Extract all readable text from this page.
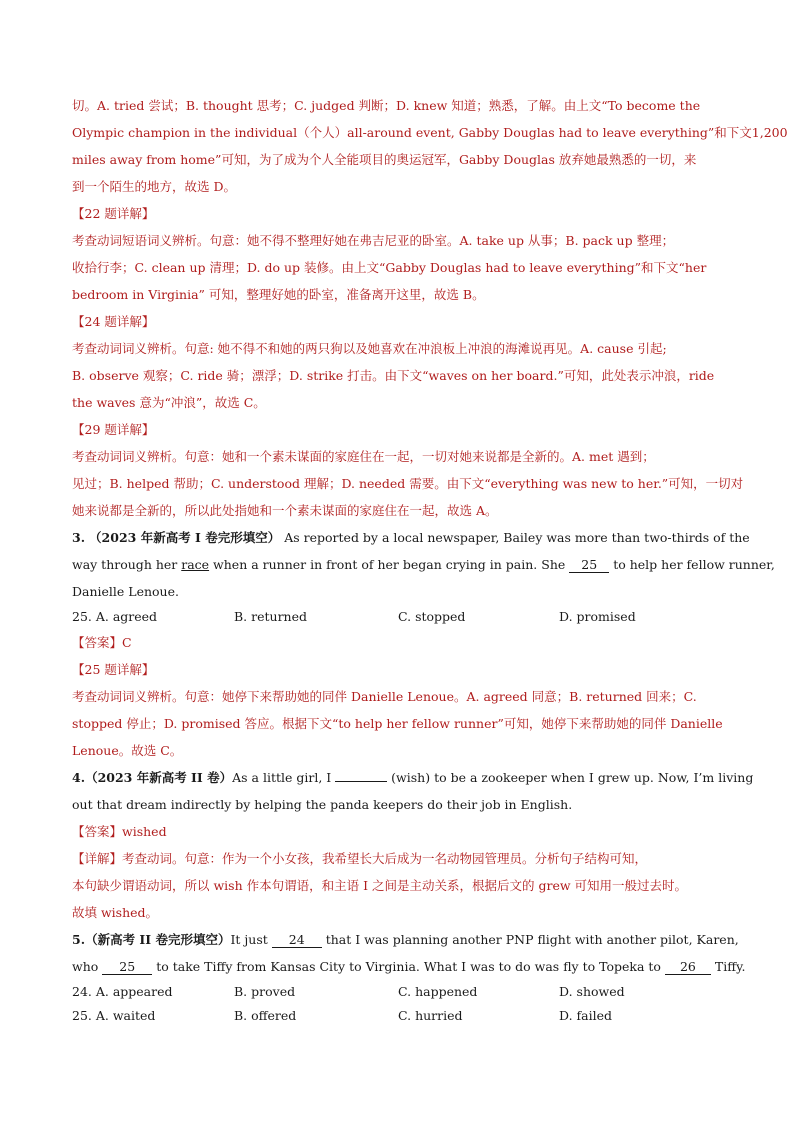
切。A. tried 尝试；B. thought 思考；C. judged 判断；D. knew 知道；熟悉，了解。由上文“To become the
Olympic champion in the individual（个人）all-around event, Gabby Douglas had to leave everything”和下文1,200
miles away from home”可知，为了成为个人全能项目的奥运冠军，Gabby Douglas 放弃她最熟悉的一切，来
到一个陌生的地方，故选 D。
【22 题详解】
考查动词短语词义辨析。句意：她不得不整理好她在弗吉尼亚的卧室。A. take up 从事；B. pack up 整理；
收拾行李；C. clean up 清理；D. do up 装修。由上文“Gabby Douglas had to leave everything”和下文“her
bedroom in Virginia” 可知，整理好她的卧室，准备离开这里，故选 B。
【24 题详解】
考查动词词义辨析。句意: 她不得不和她的两只狗以及她喜欢在冲浪板上冲浪的海滩说再见。A. cause 引起;
B. observe 观察；C. ride 骑；漂浮；D. strike 打击。由下文“waves on her board.”可知，此处表示冲浪，ride
the waves 意为“冲浪”，故选 C。
【29 题详解】
考查动词词义辨析。句意：她和一个素未谋面的家庭住在一起，一切对她来说都是全新的。A. met 遇到；
见过；B. helped 帮助；C. understood 理解；D. needed 需要。由下文“everything was new to her.”可知，一切对
她来说都是全新的，所以此处指她和一个素未谋面的家庭住在一起，故选 A。
3. （2023 年新高考 I 卷完形填空） As reported by a local newspaper, Bailey was more than two-thirds of the
way through her race when a runner in front of her began crying in pain. She 25 to help her fellow runner,
Danielle Lenoue.
25. A. agreed	B. returned	C. stopped	D. promised
【答案】C
【25 题详解】
考查动词词义辨析。句意：她停下来帮助她的同伴 Danielle Lenoue。A. agreed 同意；B. returned 回来；C.
stopped 停止；D. promised 答应。根据下文“to help her fellow runner”可知，她停下来帮助她的同伴 Danielle
Lenoue。故选 C。
4.（2023 年新高考 II 卷）As a little girl, I	(wish) to be a zookeeper when I grew up. Now, I’m living
out that dream indirectly by helping the panda keepers do their job in English.
【答案】wished
【详解】考查动词。句意：作为一个小女孩，我希望长大后成为一名动物园管理员。分析句子结构可知，
本句缺少谓语动词，所以 wish 作本句谓语，和主语 I 之间是主动关系，根据后文的 grew 可知用一般过去时。
故填 wished。
5.（新高考 II 卷完形填空）It just 24 that I was planning another PNP flight with another pilot, Karen,
who 25 to take Tiffy from Kansas City to Virginia. What I was to do was fly to Topeka to 26 Tiffy.
24. A. appeared	B. proved	C. happened	D. showed
25. A. waited	B. offered	C. hurried	D. failed
